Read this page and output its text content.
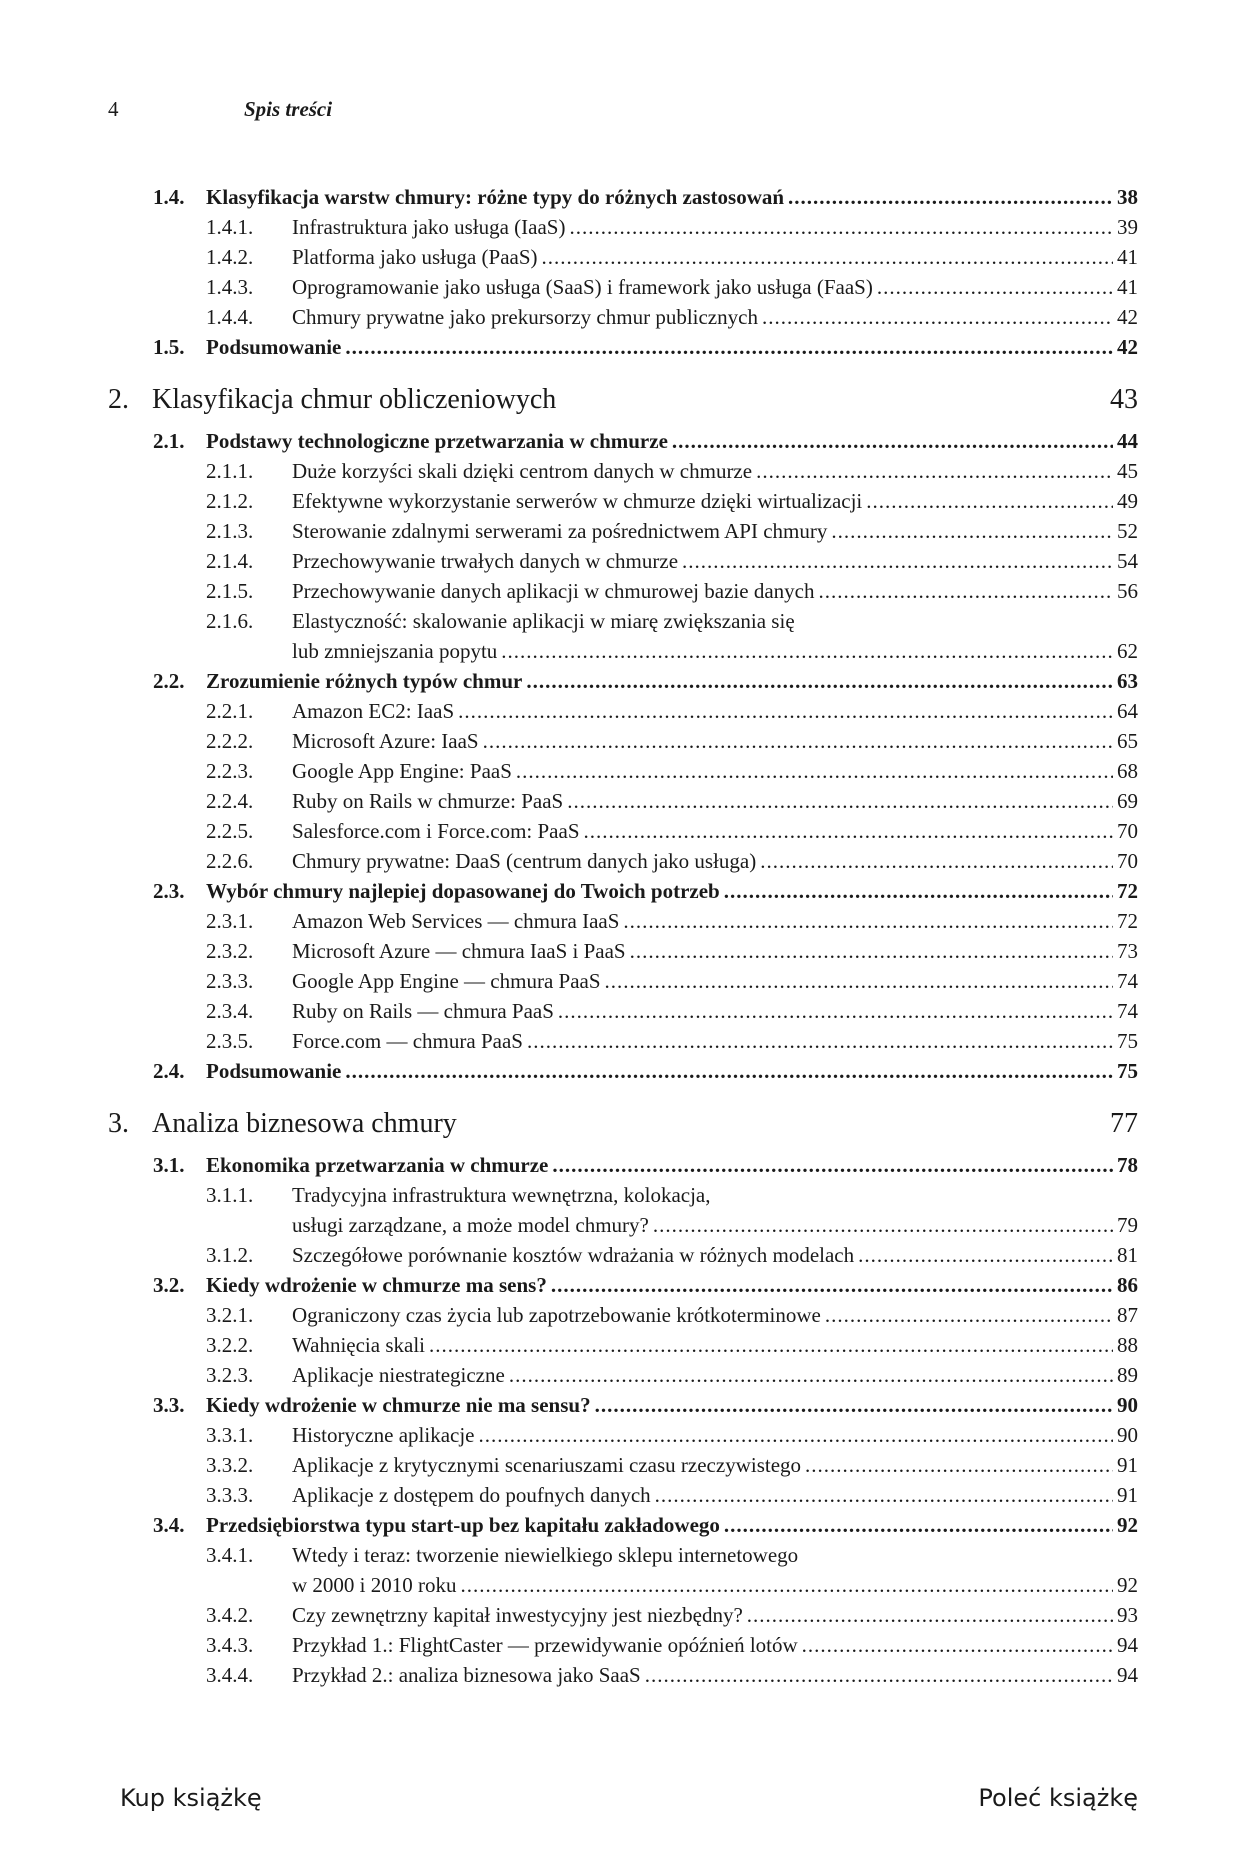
4	Spis treści
1.4. Klasyfikacja warstw chmury: różne typy do różnych zastosowań .....	38
1.4.1. Infrastruktura jako usługa (IaaS) .....	39
1.4.2. Platforma jako usługa (PaaS) .....	41
1.4.3. Oprogramowanie jako usługa (SaaS) i framework jako usługa (FaaS) .....	41
1.4.4. Chmury prywatne jako prekursorzy chmur publicznych .....	42
1.5. Podsumowanie .....	42
2. Klasyfikacja chmur obliczeniowych	43
2.1. Podstawy technologiczne przetwarzania w chmurze .....	44
2.1.1. Duże korzyści skali dzięki centrom danych w chmurze .....	45
2.1.2. Efektywne wykorzystanie serwerów w chmurze dzięki wirtualizacji .....	49
2.1.3. Sterowanie zdalnymi serwerami za pośrednictwem API chmury .....	52
2.1.4. Przechowywanie trwałych danych w chmurze .....	54
2.1.5. Przechowywanie danych aplikacji w chmurowej bazie danych .....	56
2.1.6. Elastyczność: skalowanie aplikacji w miarę zwiększania się
lub zmniejszania popytu .....	62
2.2. Zrozumienie różnych typów chmur .....	63
2.2.1. Amazon EC2: IaaS .....	64
2.2.2. Microsoft Azure: IaaS .....	65
2.2.3. Google App Engine: PaaS .....	68
2.2.4. Ruby on Rails w chmurze: PaaS .....	69
2.2.5. Salesforce.com i Force.com: PaaS .....	70
2.2.6. Chmury prywatne: DaaS (centrum danych jako usługa) .....	70
2.3. Wybór chmury najlepiej dopasowanej do Twoich potrzeb .....	72
2.3.1. Amazon Web Services — chmura IaaS .....	72
2.3.2. Microsoft Azure — chmura IaaS i PaaS .....	73
2.3.3. Google App Engine — chmura PaaS .....	74
2.3.4. Ruby on Rails — chmura PaaS .....	74
2.3.5. Force.com — chmura PaaS .....	75
2.4. Podsumowanie .....	75
3. Analiza biznesowa chmury	77
3.1. Ekonomika przetwarzania w chmurze .....	78
3.1.1. Tradycyjna infrastruktura wewnętrzna, kolokacja,
usługi zarządzane, a może model chmury? .....	79
3.1.2. Szczegółowe porównanie kosztów wdrażania w różnych modelach .....	81
3.2. Kiedy wdrożenie w chmurze ma sens? .....	86
3.2.1. Ograniczony czas życia lub zapotrzebowanie krótkoterminowe .....	87
3.2.2. Wahnięcia skali .....	88
3.2.3. Aplikacje niestrategiczne .....	89
3.3. Kiedy wdrożenie w chmurze nie ma sensu? .....	90
3.3.1. Historyczne aplikacje .....	90
3.3.2. Aplikacje z krytycznymi scenariuszami czasu rzeczywistego .....	91
3.3.3. Aplikacje z dostępem do poufnych danych .....	91
3.4. Przedsiębiorstwa typu start-up bez kapitału zakładowego .....	92
3.4.1. Wtedy i teraz: tworzenie niewielkiego sklepu internetowego
w 2000 i 2010 roku .....	92
3.4.2. Czy zewnętrzny kapitał inwestycyjny jest niezbędny? .....	93
3.4.3. Przykład 1.: FlightCaster — przewidywanie opóźnień lotów .....	94
3.4.4. Przykład 2.: analiza biznesowa jako SaaS .....	94
Kup książkę	Poleć książkę
